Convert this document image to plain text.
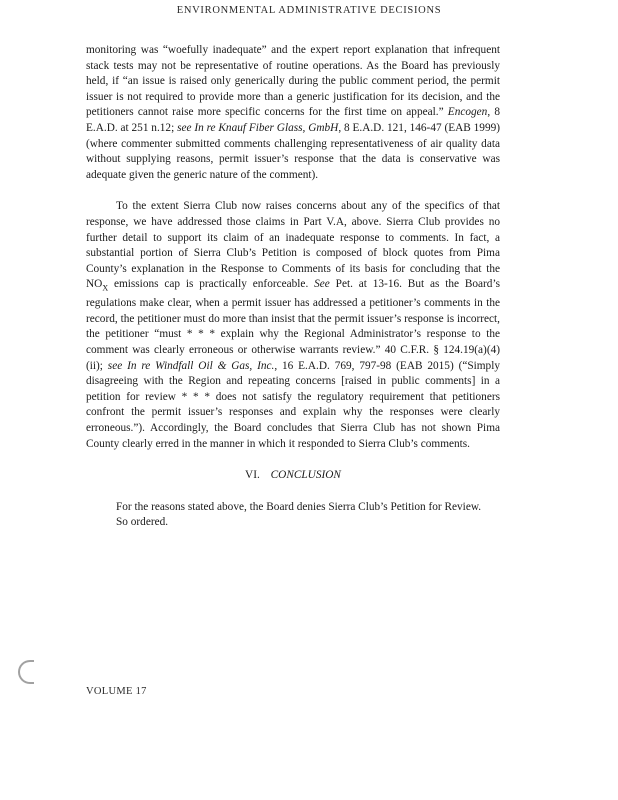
ENVIRONMENTAL ADMINISTRATIVE DECISIONS

monitoring was “woefully inadequate” and the expert report explanation that infrequent stack tests may not be representative of routine operations. As the Board has previously held, if “an issue is raised only generically during the public comment period, the permit issuer is not required to provide more than a generic justification for its decision, and the petitioners cannot raise more specific concerns for the first time on appeal.” Encogen, 8 E.A.D. at 251 n.12; see In re Knauf Fiber Glass, GmbH, 8 E.A.D. 121, 146-47 (EAB 1999) (where commenter submitted comments challenging representativeness of air quality data without supplying reasons, permit issuer’s response that the data is conservative was adequate given the generic nature of the comment).

To the extent Sierra Club now raises concerns about any of the specifics of that response, we have addressed those claims in Part V.A, above. Sierra Club provides no further detail to support its claim of an inadequate response to comments. In fact, a substantial portion of Sierra Club’s Petition is composed of block quotes from Pima County’s explanation in the Response to Comments of its basis for concluding that the $NO_X$ emissions cap is practically enforceable. See Pet. at 13-16. But as the Board’s regulations make clear, when a permit issuer has addressed a petitioner’s comments in the record, the petitioner must do more than insist that the permit issuer’s response is incorrect, the petitioner “must * * * explain why the Regional Administrator’s response to the comment was clearly erroneous or otherwise warrants review.” 40 C.F.R. § 124.19(a)(4)(ii); see In re Windfall Oil & Gas, Inc., 16 E.A.D. 769, 797-98 (EAB 2015) (“Simply disagreeing with the Region and repeating concerns [raised in public comments] in a petition for review * * * does not satisfy the regulatory requirement that petitioners confront the permit issuer’s responses and explain why the responses were clearly erroneous.”). Accordingly, the Board concludes that Sierra Club has not shown Pima County clearly erred in the manner in which it responded to Sierra Club’s comments.

VI. CONCLUSION

For the reasons stated above, the Board denies Sierra Club’s Petition for Review.

So ordered.

VOLUME 17
